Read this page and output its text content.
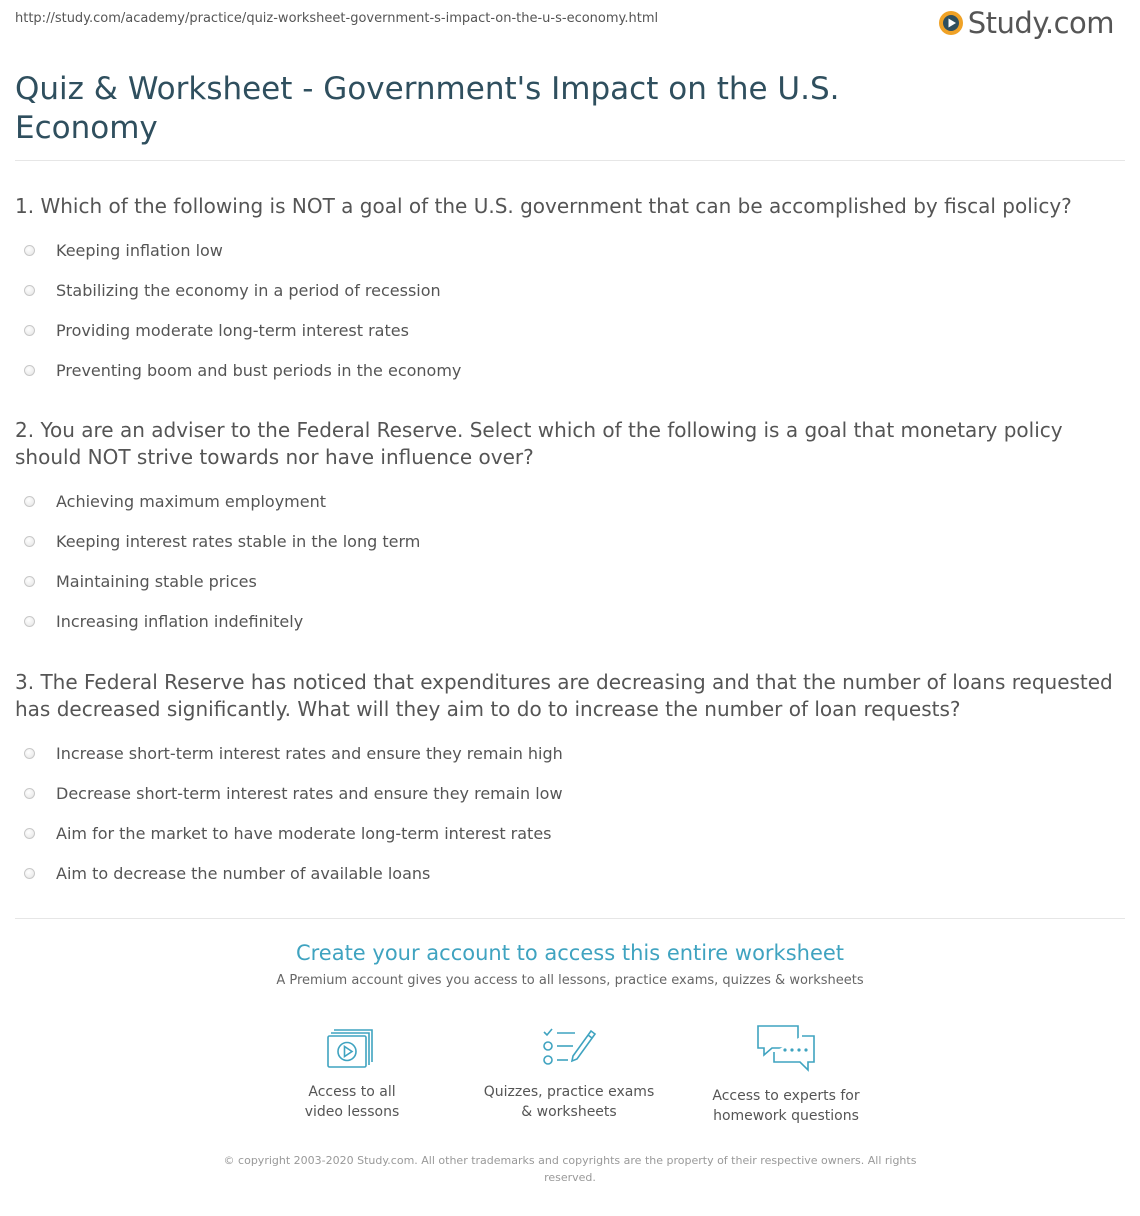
http://study.com/academy/practice/quiz-worksheet-government-s-impact-on-the-u-s-economy.html	Study.com
Quiz & Worksheet - Government's Impact on the U.S. Economy
1. Which of the following is NOT a goal of the U.S. government that can be accomplished by fiscal policy?
Keeping inflation low
Stabilizing the economy in a period of recession
Providing moderate long-term interest rates
Preventing boom and bust periods in the economy
2. You are an adviser to the Federal Reserve. Select which of the following is a goal that monetary policy should NOT strive towards nor have influence over?
Achieving maximum employment
Keeping interest rates stable in the long term
Maintaining stable prices
Increasing inflation indefinitely
3. The Federal Reserve has noticed that expenditures are decreasing and that the number of loans requested has decreased significantly. What will they aim to do to increase the number of loan requests?
Increase short-term interest rates and ensure they remain high
Decrease short-term interest rates and ensure they remain low
Aim for the market to have moderate long-term interest rates
Aim to decrease the number of available loans
Create your account to access this entire worksheet
A Premium account gives you access to all lessons, practice exams, quizzes & worksheets
Access to all
video lessons
Quizzes, practice exams
& worksheets
Access to experts for
homework questions
© copyright 2003-2020 Study.com. All other trademarks and copyrights are the property of their respective owners. All rights reserved.
